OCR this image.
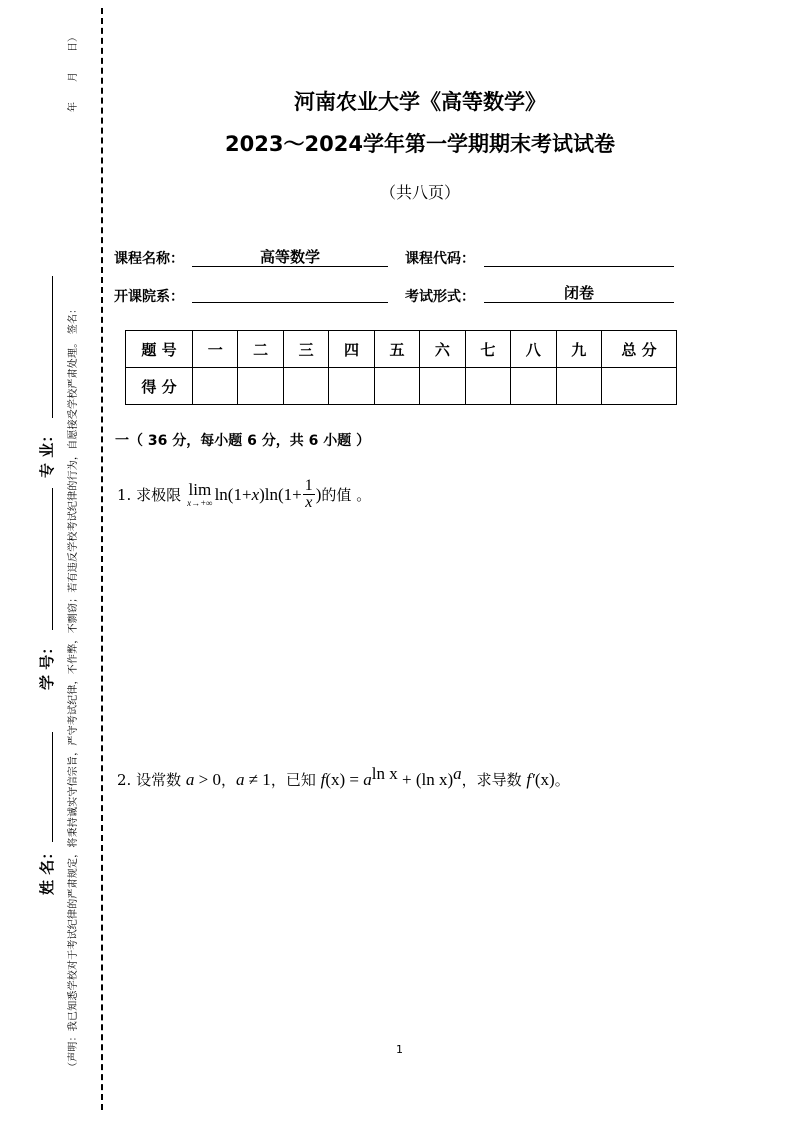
（声明：我已知悉学校对于考试纪律的严肃规定，将秉持诚实守信宗旨，严守考试纪律，不作弊，不剽窃；若有违反学校考试纪律的行为，自愿接受学校严肃处理。 签名：
年月日）
姓 名：
学 号：
专 业：
河南农业大学《高等数学》
2023～2024学年第一学期期末考试试卷
（共八页）
课程名称：	高等数学	课程代码：
开课院系：	考试形式：	闭卷
题 号	一	二	三	四	五	六	七	八	九	总 分
得 分										
一（ 36 分，每小题 6 分，共 6 小题 ）
1. 求极限 lim
x→+∞ ln(1+ x )$\ln(1+ \frac{1}{x}$ ) 的值 。
2. 设常数 a > 0，a ≠ 1，已知 $f(x) = a^{ln x} + (\ln$ x)$^a$，求导数 f′(x)。
1
